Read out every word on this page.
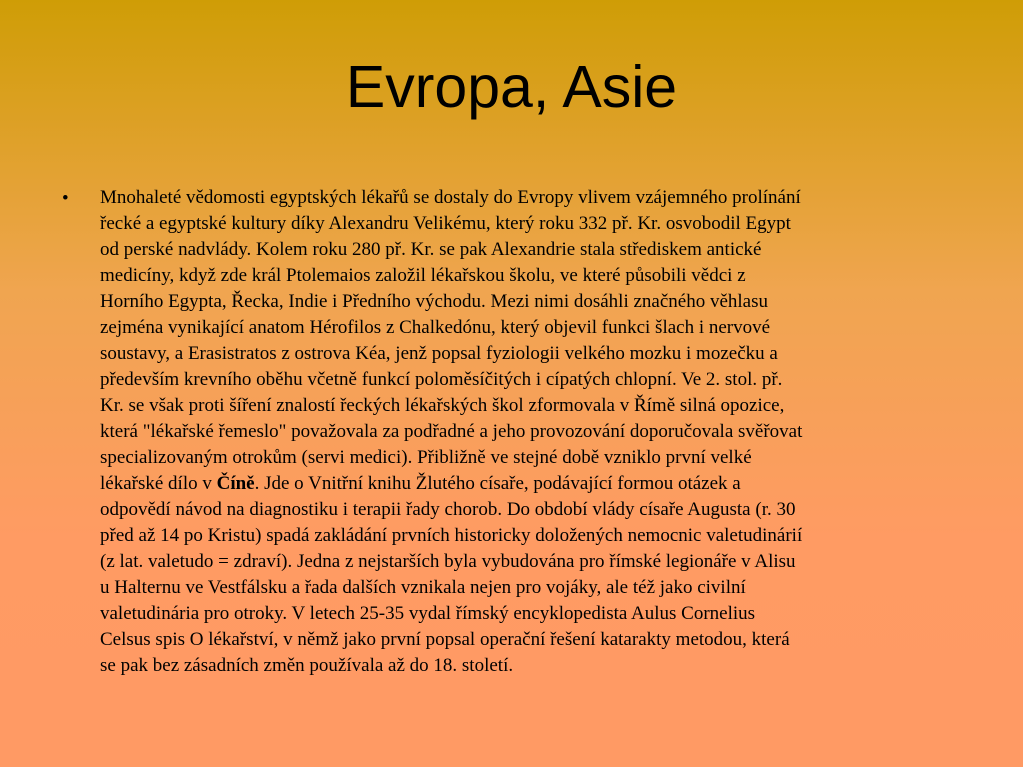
Evropa, Asie
• Mnohaleté vědomosti egyptských lékařů se dostaly do Evropy vlivem vzájemného prolínání
řecké a egyptské kultury díky Alexandru Velikému, který roku 332 př. Kr. osvobodil Egypt
od perské nadvlády. Kolem roku 280 př. Kr. se pak Alexandrie stala střediskem antické
medicíny, když zde král Ptolemaios založil lékařskou školu, ve které působili vědci z
Horního Egypta, Řecka, Indie i Předního východu. Mezi nimi dosáhli značného věhlasu
zejména vynikající anatom Hérofilos z Chalkedónu, který objevil funkci šlach i nervové
soustavy, a Erasistratos z ostrova Kéa, jenž popsal fyziologii velkého mozku i mozečku a
především krevního oběhu včetně funkcí poloměsíčitých i cípatých chlopní. Ve 2. stol. př.
Kr. se však proti šíření znalostí řeckých lékařských škol zformovala v Římě silná opozice,
která "lékařské řemeslo" považovala za podřadné a jeho provozování doporučovala svěřovat
specializovaným otrokům (servi medici). Přibližně ve stejné době vzniklo první velké
lékařské dílo v Číně. Jde o Vnitřní knihu Žlutého císaře, podávající formou otázek a
odpovědí návod na diagnostiku i terapii řady chorob. Do období vlády císaře Augusta (r. 30
před až 14 po Kristu) spadá zakládání prvních historicky doložených nemocnic valetudinárií
(z lat. valetudo = zdraví). Jedna z nejstarších byla vybudována pro římské legionáře v Alisu
u Halternu ve Vestfálsku a řada dalších vznikala nejen pro vojáky, ale též jako civilní
valetudinária pro otroky. V letech 25-35 vydal římský encyklopedista Aulus Cornelius
Celsus spis O lékařství, v němž jako první popsal operační řešení katarakty metodou, která
se pak bez zásadních změn používala až do 18. století.
